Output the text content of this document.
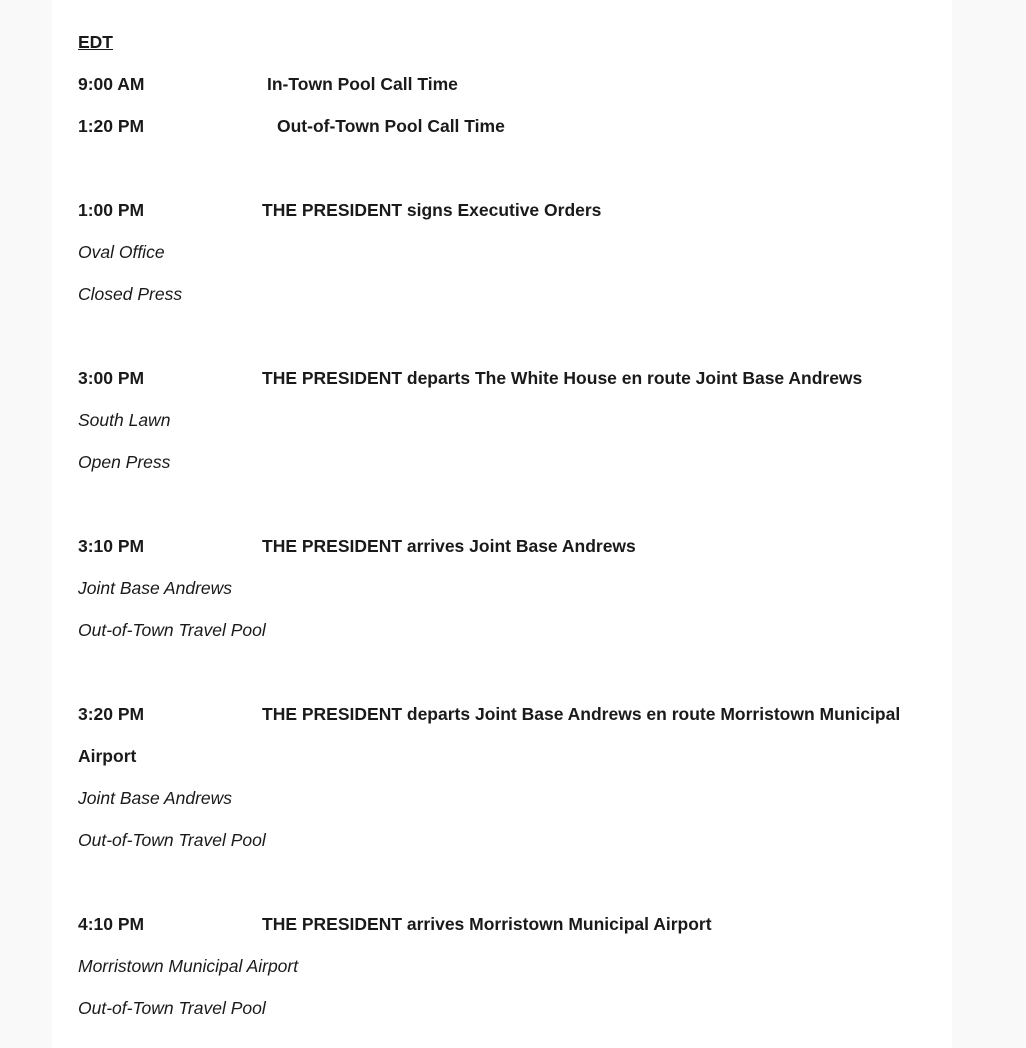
EDT
9:00 AM	In-Town Pool Call Time
1:20 PM	Out-of-Town Pool Call Time
1:00 PM	THE PRESIDENT signs Executive Orders
Oval Office
Closed Press
3:00 PM	THE PRESIDENT departs The White House en route Joint Base Andrews
South Lawn
Open Press
3:10 PM	THE PRESIDENT arrives Joint Base Andrews
Joint Base Andrews
Out-of-Town Travel Pool
3:20 PM	THE PRESIDENT departs Joint Base Andrews en route Morristown Municipal
Airport
Joint Base Andrews
Out-of-Town Travel Pool
4:10 PM	THE PRESIDENT arrives Morristown Municipal Airport
Morristown Municipal Airport
Out-of-Town Travel Pool
